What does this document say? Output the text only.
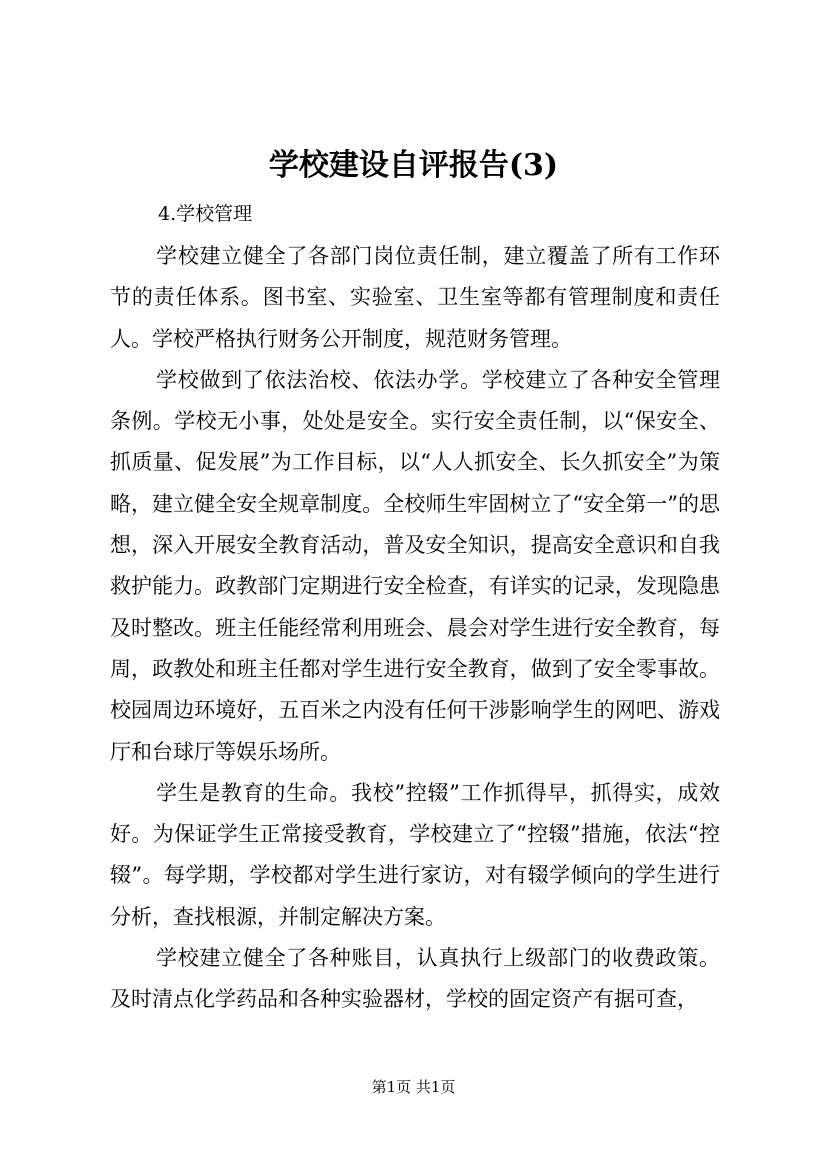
学校建设自评报告(3)

4.学校管理

学校建立健全了各部门岗位责任制，建立覆盖了所有工作环节的责任体系。图书室、实验室、卫生室等都有管理制度和责任人。学校严格执行财务公开制度，规范财务管理。

学校做到了依法治校、依法办学。学校建立了各种安全管理条例。学校无小事，处处是安全。实行安全责任制，以“保安全、抓质量、促发展”为工作目标，以“人人抓安全、长久抓安全”为策略，建立健全安全规章制度。全校师生牢固树立了“安全第一”的思想，深入开展安全教育活动，普及安全知识，提高安全意识和自我救护能力。政教部门定期进行安全检查，有详实的记录，发现隐患及时整改。班主任能经常利用班会、晨会对学生进行安全教育，每周，政教处和班主任都对学生进行安全教育，做到了安全零事故。校园周边环境好，五百米之内没有任何干涉影响学生的网吧、游戏厅和台球厅等娱乐场所。

学生是教育的生命。我校”控辍”工作抓得早，抓得实，成效好。为保证学生正常接受教育，学校建立了“控辍”措施，依法“控辍”。每学期，学校都对学生进行家访，对有辍学倾向的学生进行分析，查找根源，并制定解决方案。

学校建立健全了各种账目，认真执行上级部门的收费政策。及时清点化学药品和各种实验器材，学校的固定资产有据可查，

第1页 共1页
